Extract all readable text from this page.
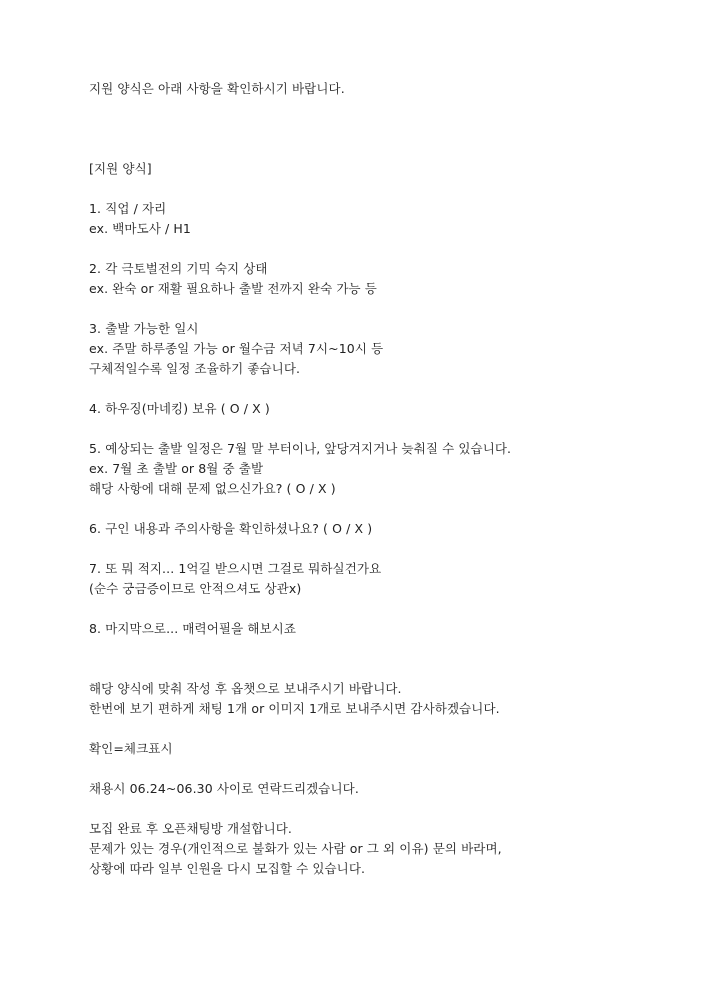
지원 양식은 아래 사항을 확인하시기 바랍니다.
[지원 양식]
1. 직업 / 자리
ex. 백마도사 / H1
2. 각 극토벌전의 기믹 숙지 상태
ex. 완숙 or 재활 필요하나 출발 전까지 완숙 가능 등
3. 출발 가능한 일시
ex. 주말 하루종일 가능 or 월수금 저녁 7시~10시 등
구체적일수록 일정 조율하기 좋습니다.
4. 하우징(마네킹) 보유 ( O / X )
5. 예상되는 출발 일정은 7월 말 부터이나, 앞당겨지거나 늦춰질 수 있습니다.
ex. 7월 초 출발 or 8월 중 출발
해당 사항에 대해 문제 없으신가요? ( O / X )
6. 구인 내용과 주의사항을 확인하셨나요? ( O / X )
7. 또 뭐 적지... 1억길 받으시면 그걸로 뭐하실건가요
(순수 궁금증이므로 안적으셔도 상관x)
8. 마지막으로... 매력어필을 해보시죠
해당 양식에 맞춰 작성 후 옵챗으로 보내주시기 바랍니다.
한번에 보기 편하게 채팅 1개 or 이미지 1개로 보내주시면 감사하겠습니다.
확인=체크표시
채용시 06.24~06.30 사이로 연락드리겠습니다.
모집 완료 후 오픈채팅방 개설합니다.
문제가 있는 경우(개인적으로 불화가 있는 사람 or 그 외 이유) 문의 바라며,
상황에 따라 일부 인원을 다시 모집할 수 있습니다.
